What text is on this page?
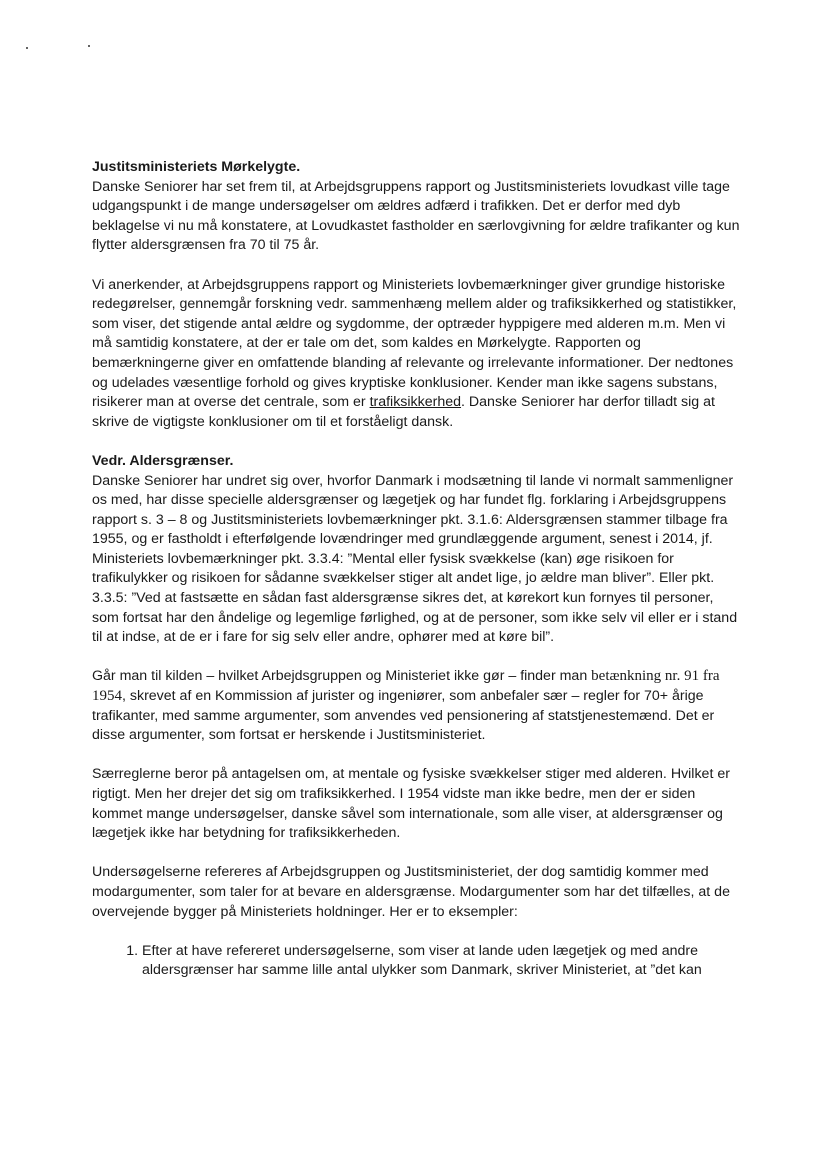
Justitsministeriets Mørkelygte.

Danske Seniorer har set frem til, at Arbejdsgruppens rapport og Justitsministeriets lovudkast ville tage udgangspunkt i de mange undersøgelser om ældres adfærd i trafikken. Det er derfor med dyb beklagelse vi nu må konstatere, at Lovudkastet fastholder en særlovgivning for ældre trafikanter og kun flytter aldersgrænsen fra 70 til 75 år.

Vi anerkender, at Arbejdsgruppens rapport og Ministeriets lovbemærkninger giver grundige historiske redegørelser, gennemgår forskning vedr. sammenhæng mellem alder og trafiksikkerhed og statistikker, som viser, det stigende antal ældre og sygdomme, der optræder hyppigere med alderen m.m. Men vi må samtidig konstatere, at der er tale om det, som kaldes en Mørkelygte. Rapporten og bemærkningerne giver en omfattende blanding af relevante og irrelevante informationer. Der nedtones og udelades væsentlige forhold og gives kryptiske konklusioner. Kender man ikke sagens substans, risikerer man at overse det centrale, som er trafiksikkerhed. Danske Seniorer har derfor tilladt sig at skrive de vigtigste konklusioner om til et forståeligt dansk.

Vedr. Aldersgrænser.

Danske Seniorer har undret sig over, hvorfor Danmark i modsætning til lande vi normalt sammenligner os med, har disse specielle aldersgrænser og lægetjek og har fundet flg. forklaring i Arbejdsgruppens rapport s. 3 – 8 og Justitsministeriets lovbemærkninger pkt. 3.1.6: Aldersgrænsen stammer tilbage fra 1955, og er fastholdt i efterfølgende lovændringer med grundlæggende argument, senest i 2014, jf. Ministeriets lovbemærkninger pkt. 3.3.4: ”Mental eller fysisk svækkelse (kan) øge risikoen for trafikulykker og risikoen for sådanne svækkelser stiger alt andet lige, jo ældre man bliver”. Eller pkt. 3.3.5: ”Ved at fastsætte en sådan fast aldersgrænse sikres det, at kørekort kun fornyes til personer, som fortsat har den åndelige og legemlige førlighed, og at de personer, som ikke selv vil eller er i stand til at indse, at de er i fare for sig selv eller andre, ophører med at køre bil”.

Går man til kilden – hvilket Arbejdsgruppen og Ministeriet ikke gør – finder man betænkning nr. 91 fra 1954, skrevet af en Kommission af jurister og ingeniører, som anbefaler sær – regler for 70+ årige trafikanter, med samme argumenter, som anvendes ved pensionering af statstjenestemænd. Det er disse argumenter, som fortsat er herskende i Justitsministeriet.

Særreglerne beror på antagelsen om, at mentale og fysiske svækkelser stiger med alderen. Hvilket er rigtigt. Men her drejer det sig om trafiksikkerhed. I 1954 vidste man ikke bedre, men der er siden kommet mange undersøgelser, danske såvel som internationale, som alle viser, at aldersgrænser og lægetjek ikke har betydning for trafiksikkerheden.

Undersøgelserne refereres af Arbejdsgruppen og Justitsministeriet, der dog samtidig kommer med modargumenter, som taler for at bevare en aldersgrænse. Modargumenter som har det tilfælles, at de overvejende bygger på Ministeriets holdninger. Her er to eksempler:

1. Efter at have refereret undersøgelserne, som viser at lande uden lægetjek og med andre aldersgrænser har samme lille antal ulykker som Danmark, skriver Ministeriet, at ”det kan
